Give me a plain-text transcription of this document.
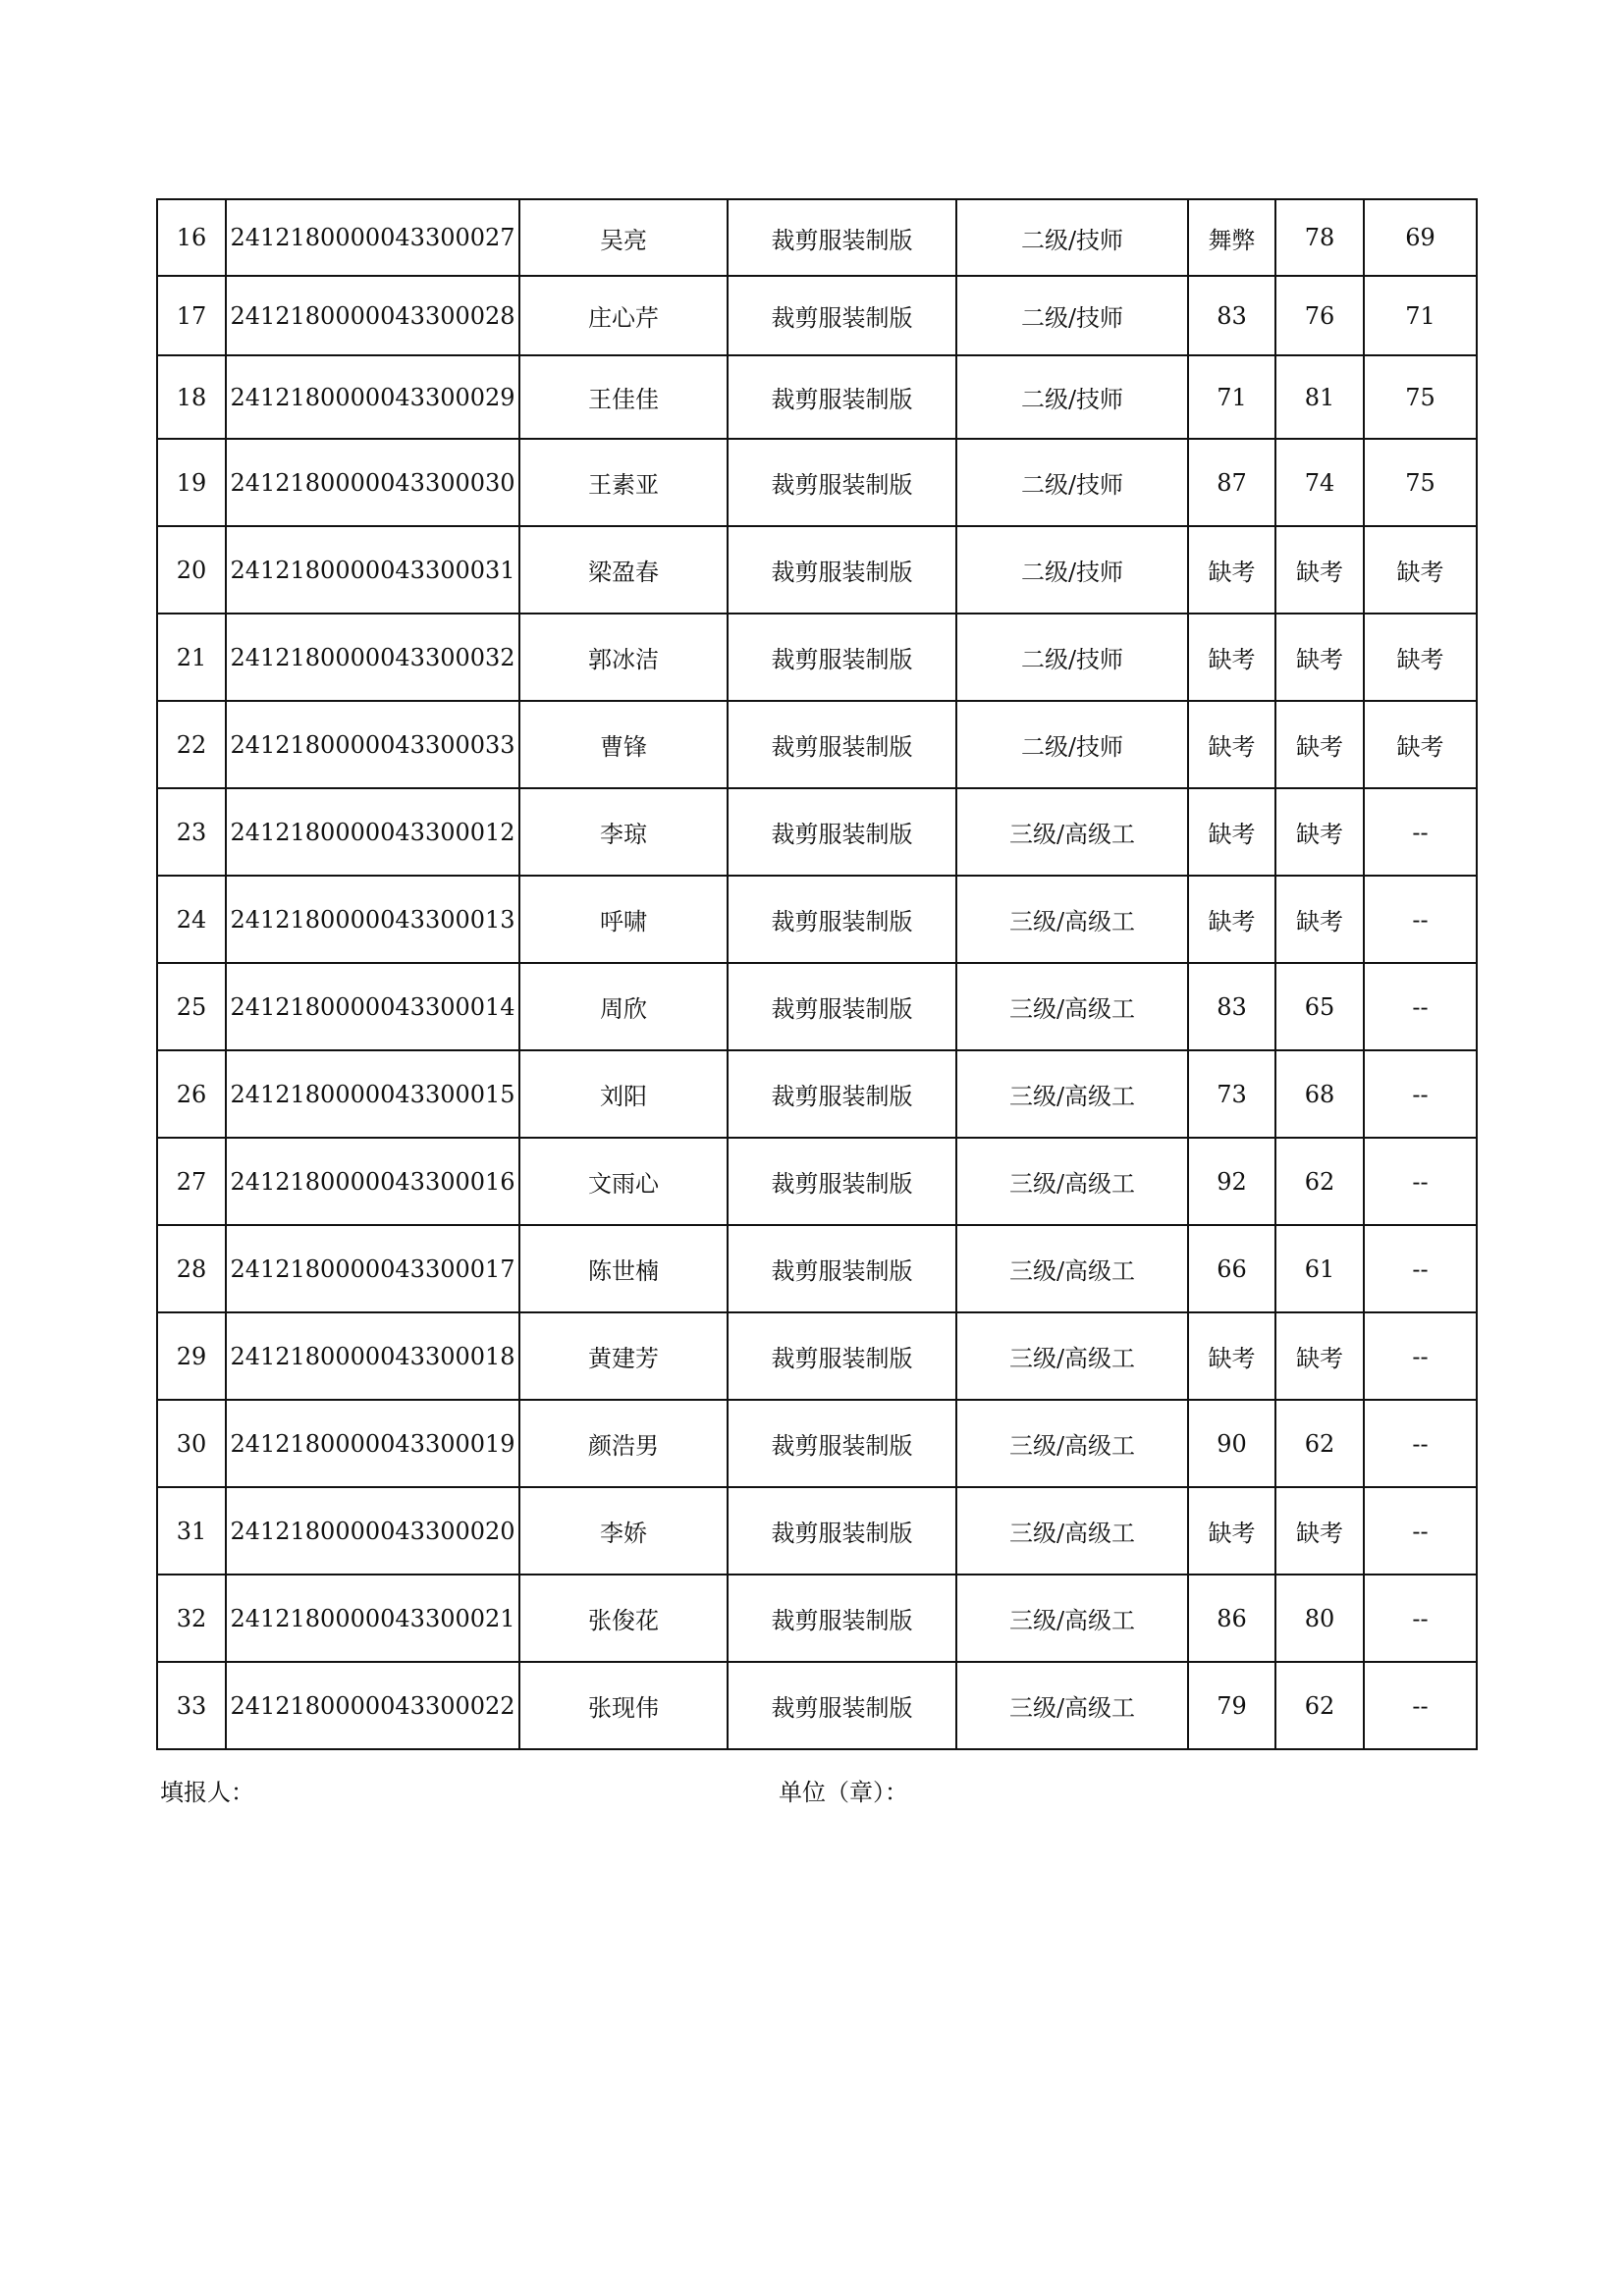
16	2412180000043300027	吴亮	裁剪服装制版	二级/技师	舞弊	78	69
17	2412180000043300028	庄心芹	裁剪服装制版	二级/技师	83	76	71
18	2412180000043300029	王佳佳	裁剪服装制版	二级/技师	71	81	75
19	2412180000043300030	王素亚	裁剪服装制版	二级/技师	87	74	75
20	2412180000043300031	梁盈春	裁剪服装制版	二级/技师	缺考	缺考	缺考
21	2412180000043300032	郭冰洁	裁剪服装制版	二级/技师	缺考	缺考	缺考
22	2412180000043300033	曹锋	裁剪服装制版	二级/技师	缺考	缺考	缺考
23	2412180000043300012	李琼	裁剪服装制版	三级/高级工	缺考	缺考	--
24	2412180000043300013	呼啸	裁剪服装制版	三级/高级工	缺考	缺考	--
25	2412180000043300014	周欣	裁剪服装制版	三级/高级工	83	65	--
26	2412180000043300015	刘阳	裁剪服装制版	三级/高级工	73	68	--
27	2412180000043300016	文雨心	裁剪服装制版	三级/高级工	92	62	--
28	2412180000043300017	陈世楠	裁剪服装制版	三级/高级工	66	61	--
29	2412180000043300018	黄建芳	裁剪服装制版	三级/高级工	缺考	缺考	--
30	2412180000043300019	颜浩男	裁剪服装制版	三级/高级工	90	62	--
31	2412180000043300020	李娇	裁剪服装制版	三级/高级工	缺考	缺考	--
32	2412180000043300021	张俊花	裁剪服装制版	三级/高级工	86	80	--
33	2412180000043300022	张现伟	裁剪服装制版	三级/高级工	79	62	--
填报人：	单位（章）：
